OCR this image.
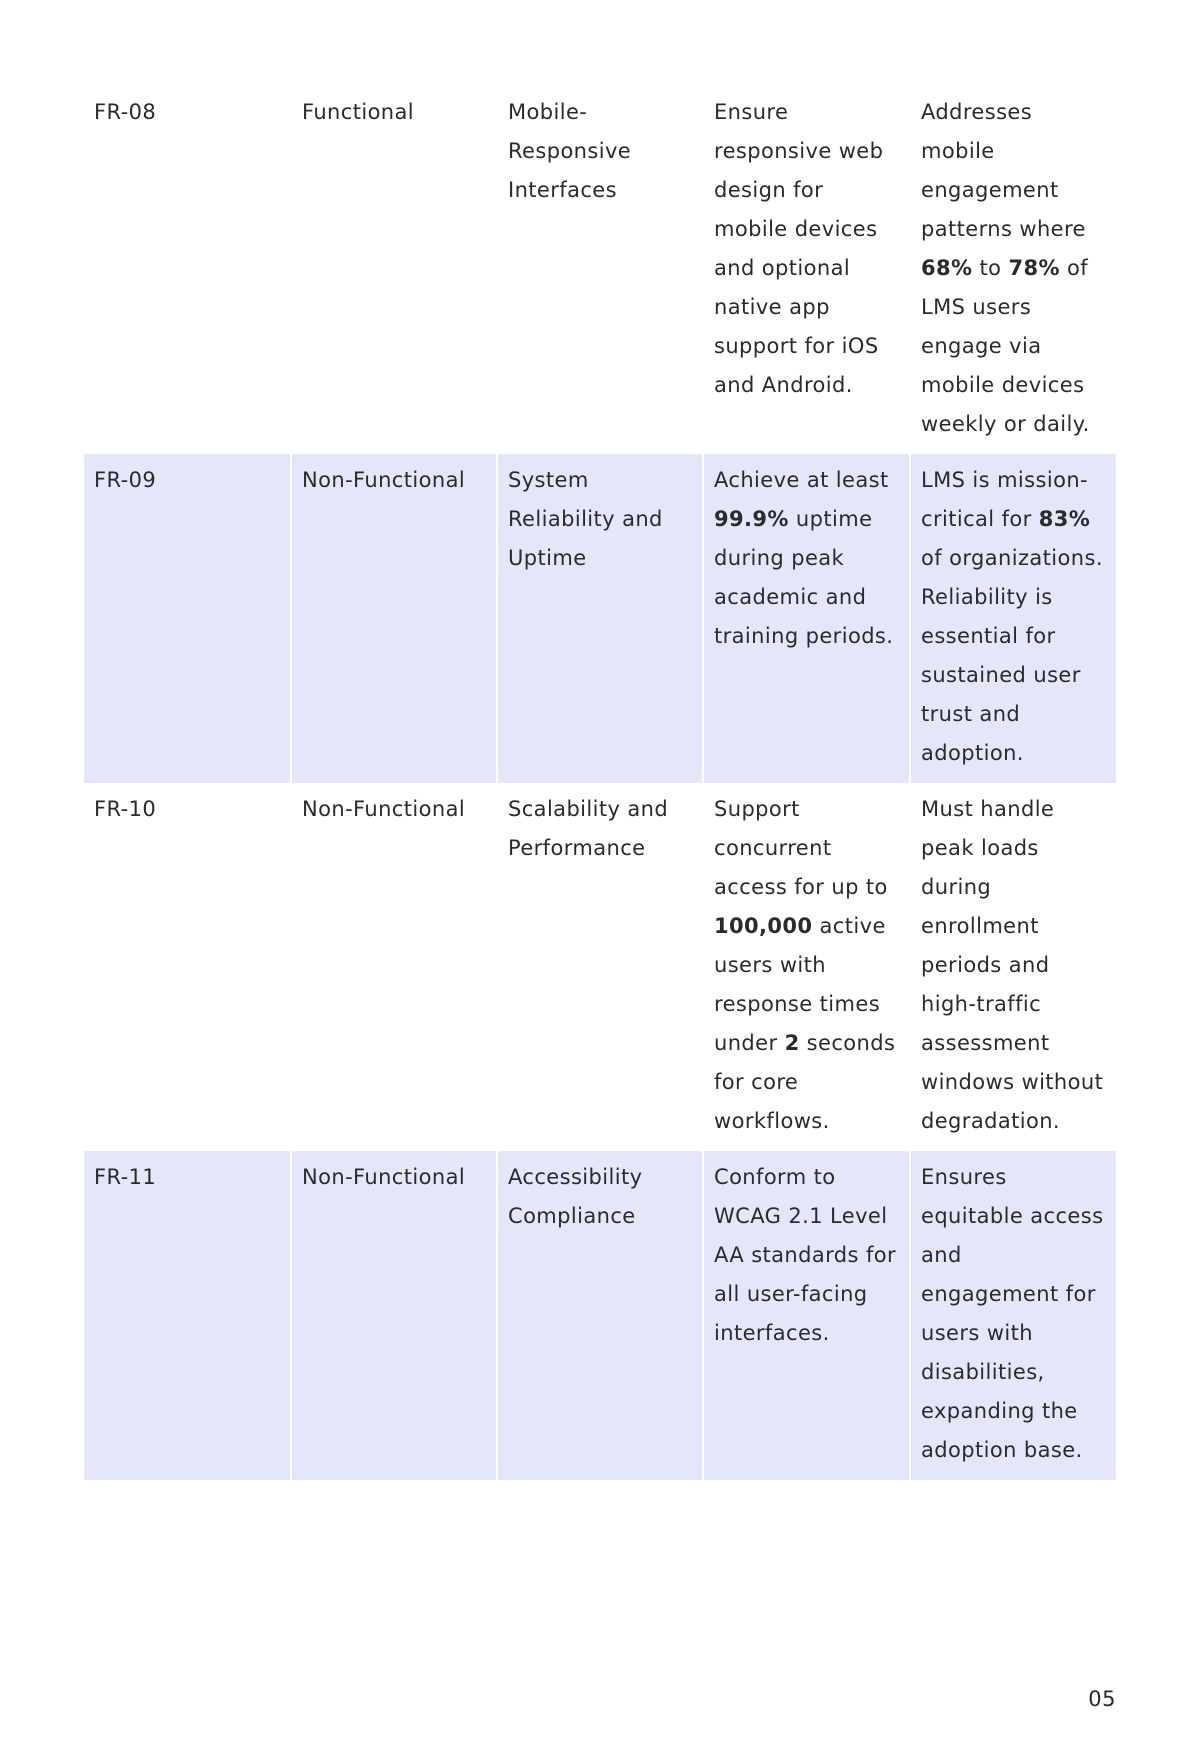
FR-08	Functional	Mobile-Responsive Interfaces	Ensure responsive web design for mobile devices and optional native app support for iOS and Android.	Addresses mobile engagement patterns where 68% to 78% of LMS users engage via mobile devices weekly or daily.
FR-09	Non-Functional	System Reliability and Uptime	Achieve at least 99.9% uptime during peak academic and training periods.	LMS is mission-critical for 83% of organizations. Reliability is essential for sustained user trust and adoption.
FR-10	Non-Functional	Scalability and Performance	Support concurrent access for up to 100,000 active users with response times under 2 seconds for core workflows.	Must handle peak loads during enrollment periods and high-traffic assessment windows without degradation.
FR-11	Non-Functional	Accessibility Compliance	Conform to WCAG 2.1 Level AA standards for all user-facing interfaces.	Ensures equitable access and engagement for users with disabilities, expanding the adoption base.
05
